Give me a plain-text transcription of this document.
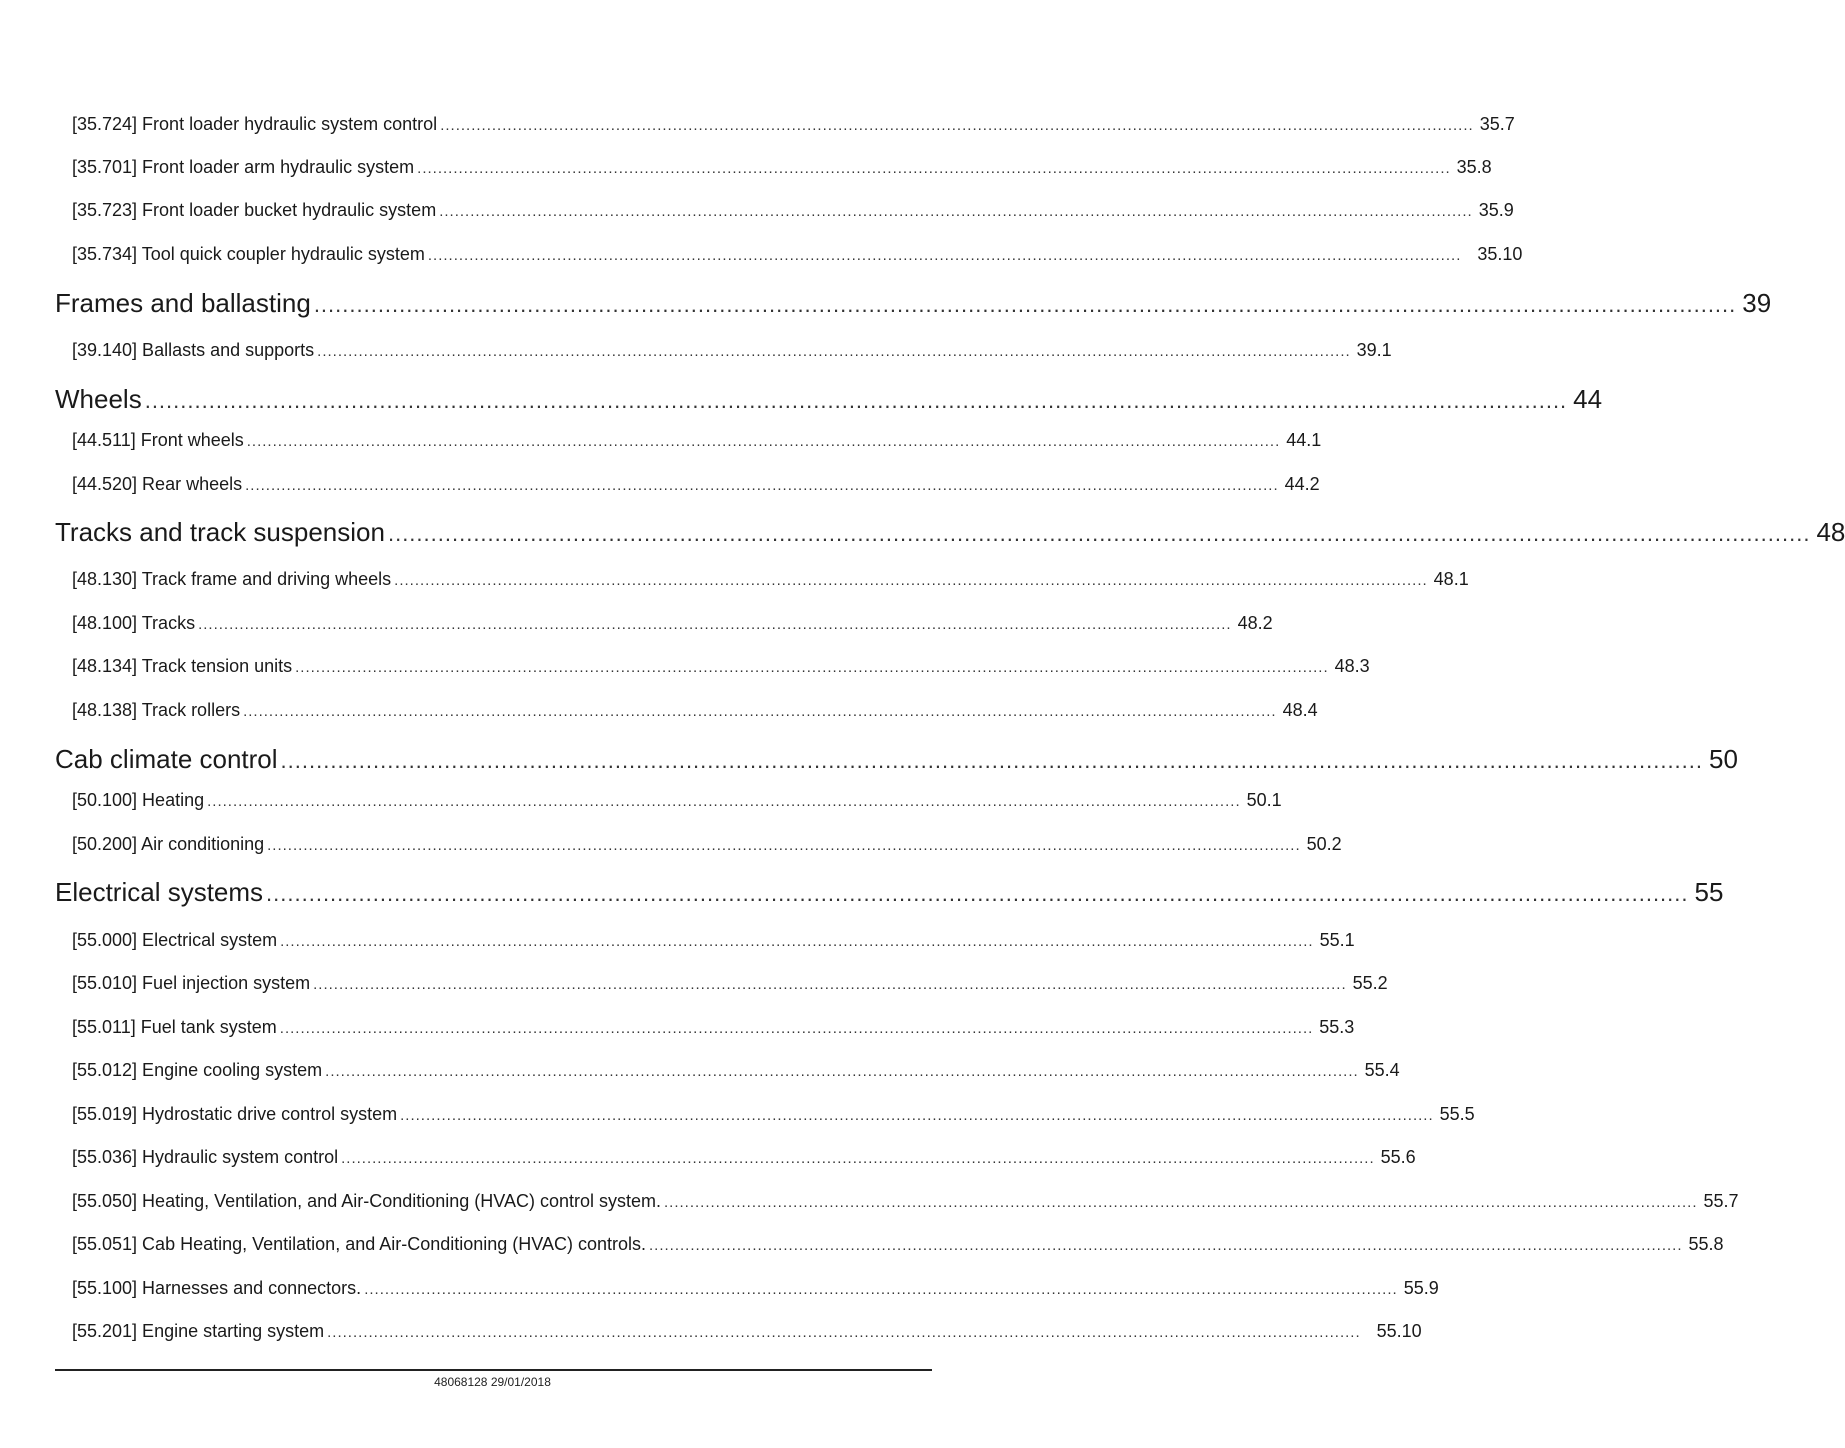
[35.724] Front loader hydraulic system control ........................................................................................................................................................................................................ 35.7
[35.701] Front loader arm hydraulic system ........................................................................................................................................................................................................ 35.8
[35.723] Front loader bucket hydraulic system ........................................................................................................................................................................................................ 35.9
[35.734] Tool quick coupler hydraulic system ........................................................................................................................................................................................................ 35.10
Frames and ballasting ........................................................................................................................................................................................................ 39
[39.140] Ballasts and supports ........................................................................................................................................................................................................ 39.1
Wheels ........................................................................................................................................................................................................ 44
[44.511] Front wheels ........................................................................................................................................................................................................ 44.1
[44.520] Rear wheels ........................................................................................................................................................................................................ 44.2
Tracks and track suspension ........................................................................................................................................................................................................ 48
[48.130] Track frame and driving wheels ........................................................................................................................................................................................................ 48.1
[48.100] Tracks ........................................................................................................................................................................................................ 48.2
[48.134] Track tension units ........................................................................................................................................................................................................ 48.3
[48.138] Track rollers ........................................................................................................................................................................................................ 48.4
Cab climate control ........................................................................................................................................................................................................ 50
[50.100] Heating ........................................................................................................................................................................................................ 50.1
[50.200] Air conditioning ........................................................................................................................................................................................................ 50.2
Electrical systems ........................................................................................................................................................................................................ 55
[55.000] Electrical system ........................................................................................................................................................................................................ 55.1
[55.010] Fuel injection system ........................................................................................................................................................................................................ 55.2
[55.011] Fuel tank system ........................................................................................................................................................................................................ 55.3
[55.012] Engine cooling system ........................................................................................................................................................................................................ 55.4
[55.019] Hydrostatic drive control system ........................................................................................................................................................................................................ 55.5
[55.036] Hydraulic system control ........................................................................................................................................................................................................ 55.6
[55.050] Heating, Ventilation, and Air-Conditioning (HVAC) control system. ........................................................................................................................................................................................................ 55.7
[55.051] Cab Heating, Ventilation, and Air-Conditioning (HVAC) controls. ........................................................................................................................................................................................................ 55.8
[55.100] Harnesses and connectors. ........................................................................................................................................................................................................ 55.9
[55.201] Engine starting system ........................................................................................................................................................................................................ 55.10
48068128 29/01/2018
